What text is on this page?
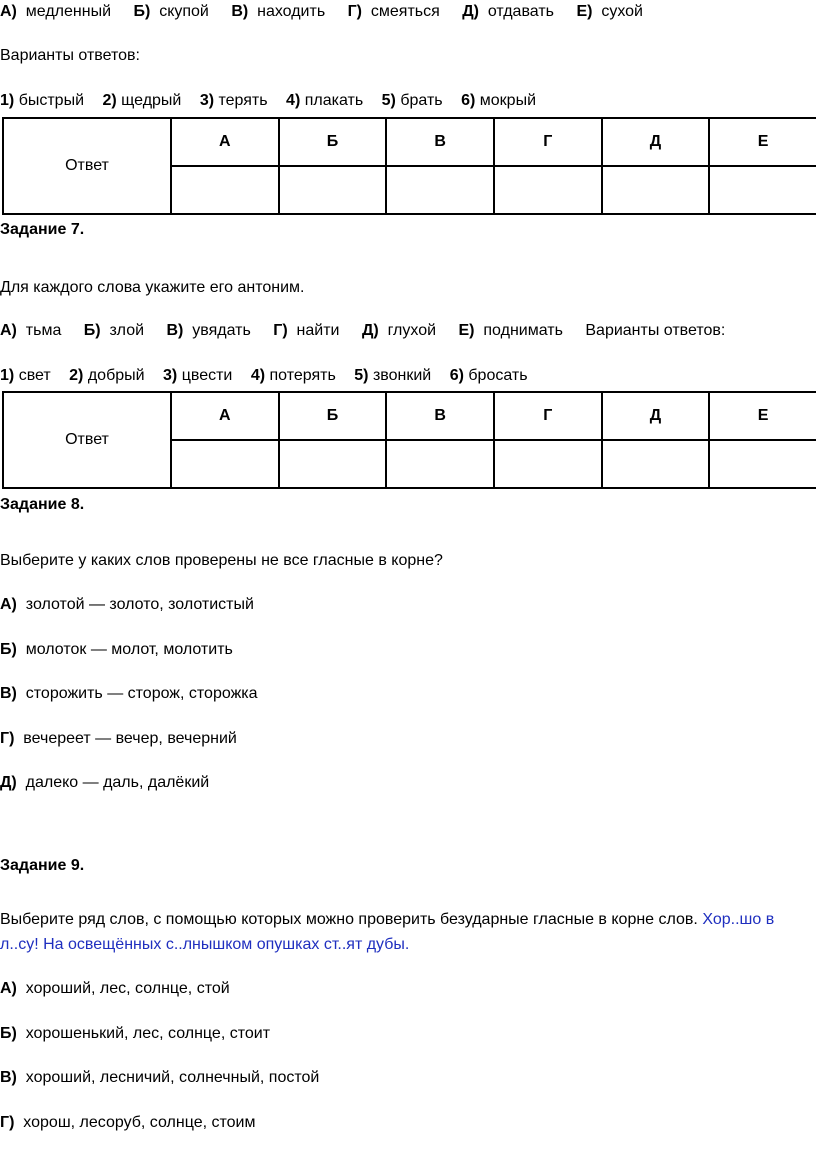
А) медленный Б) скупой В) находить Г) смеяться Д) отдавать Е) сухой
Варианты ответов:
1) быстрый 2) щедрый 3) терять 4) плакать 5) брать 6) мокрый
Ответ	А	Б	В	Г	Д	Е

Задание 7.
Для каждого слова укажите его антоним.
А) тьма Б) злой В) увядать Г) найти Д) глухой Е) поднимать Варианты ответов:
1) свет 2) добрый 3) цвести 4) потерять 5) звонкий 6) бросать
Ответ	А	Б	В	Г	Д	Е

Задание 8.
Выберите у каких слов проверены не все гласные в корне?
А) золотой — золото, золотистый
Б) молоток — молот, молотить
В) сторожить — сторож, сторожка
Г) вечереет — вечер, вечерний
Д) далеко — даль, далёкий
Задание 9.
Выберите ряд слов, с помощью которых можно проверить безударные гласные в корне слов. Хор..шо в
л..су! На освещённых с..лнышком опушках ст..ят дубы.
А) хороший, лес, солнце, стой
Б) хорошенький, лес, солнце, стоит
В) хороший, лесничий, солнечный, постой
Г) хорош, лесоруб, солнце, стоим
